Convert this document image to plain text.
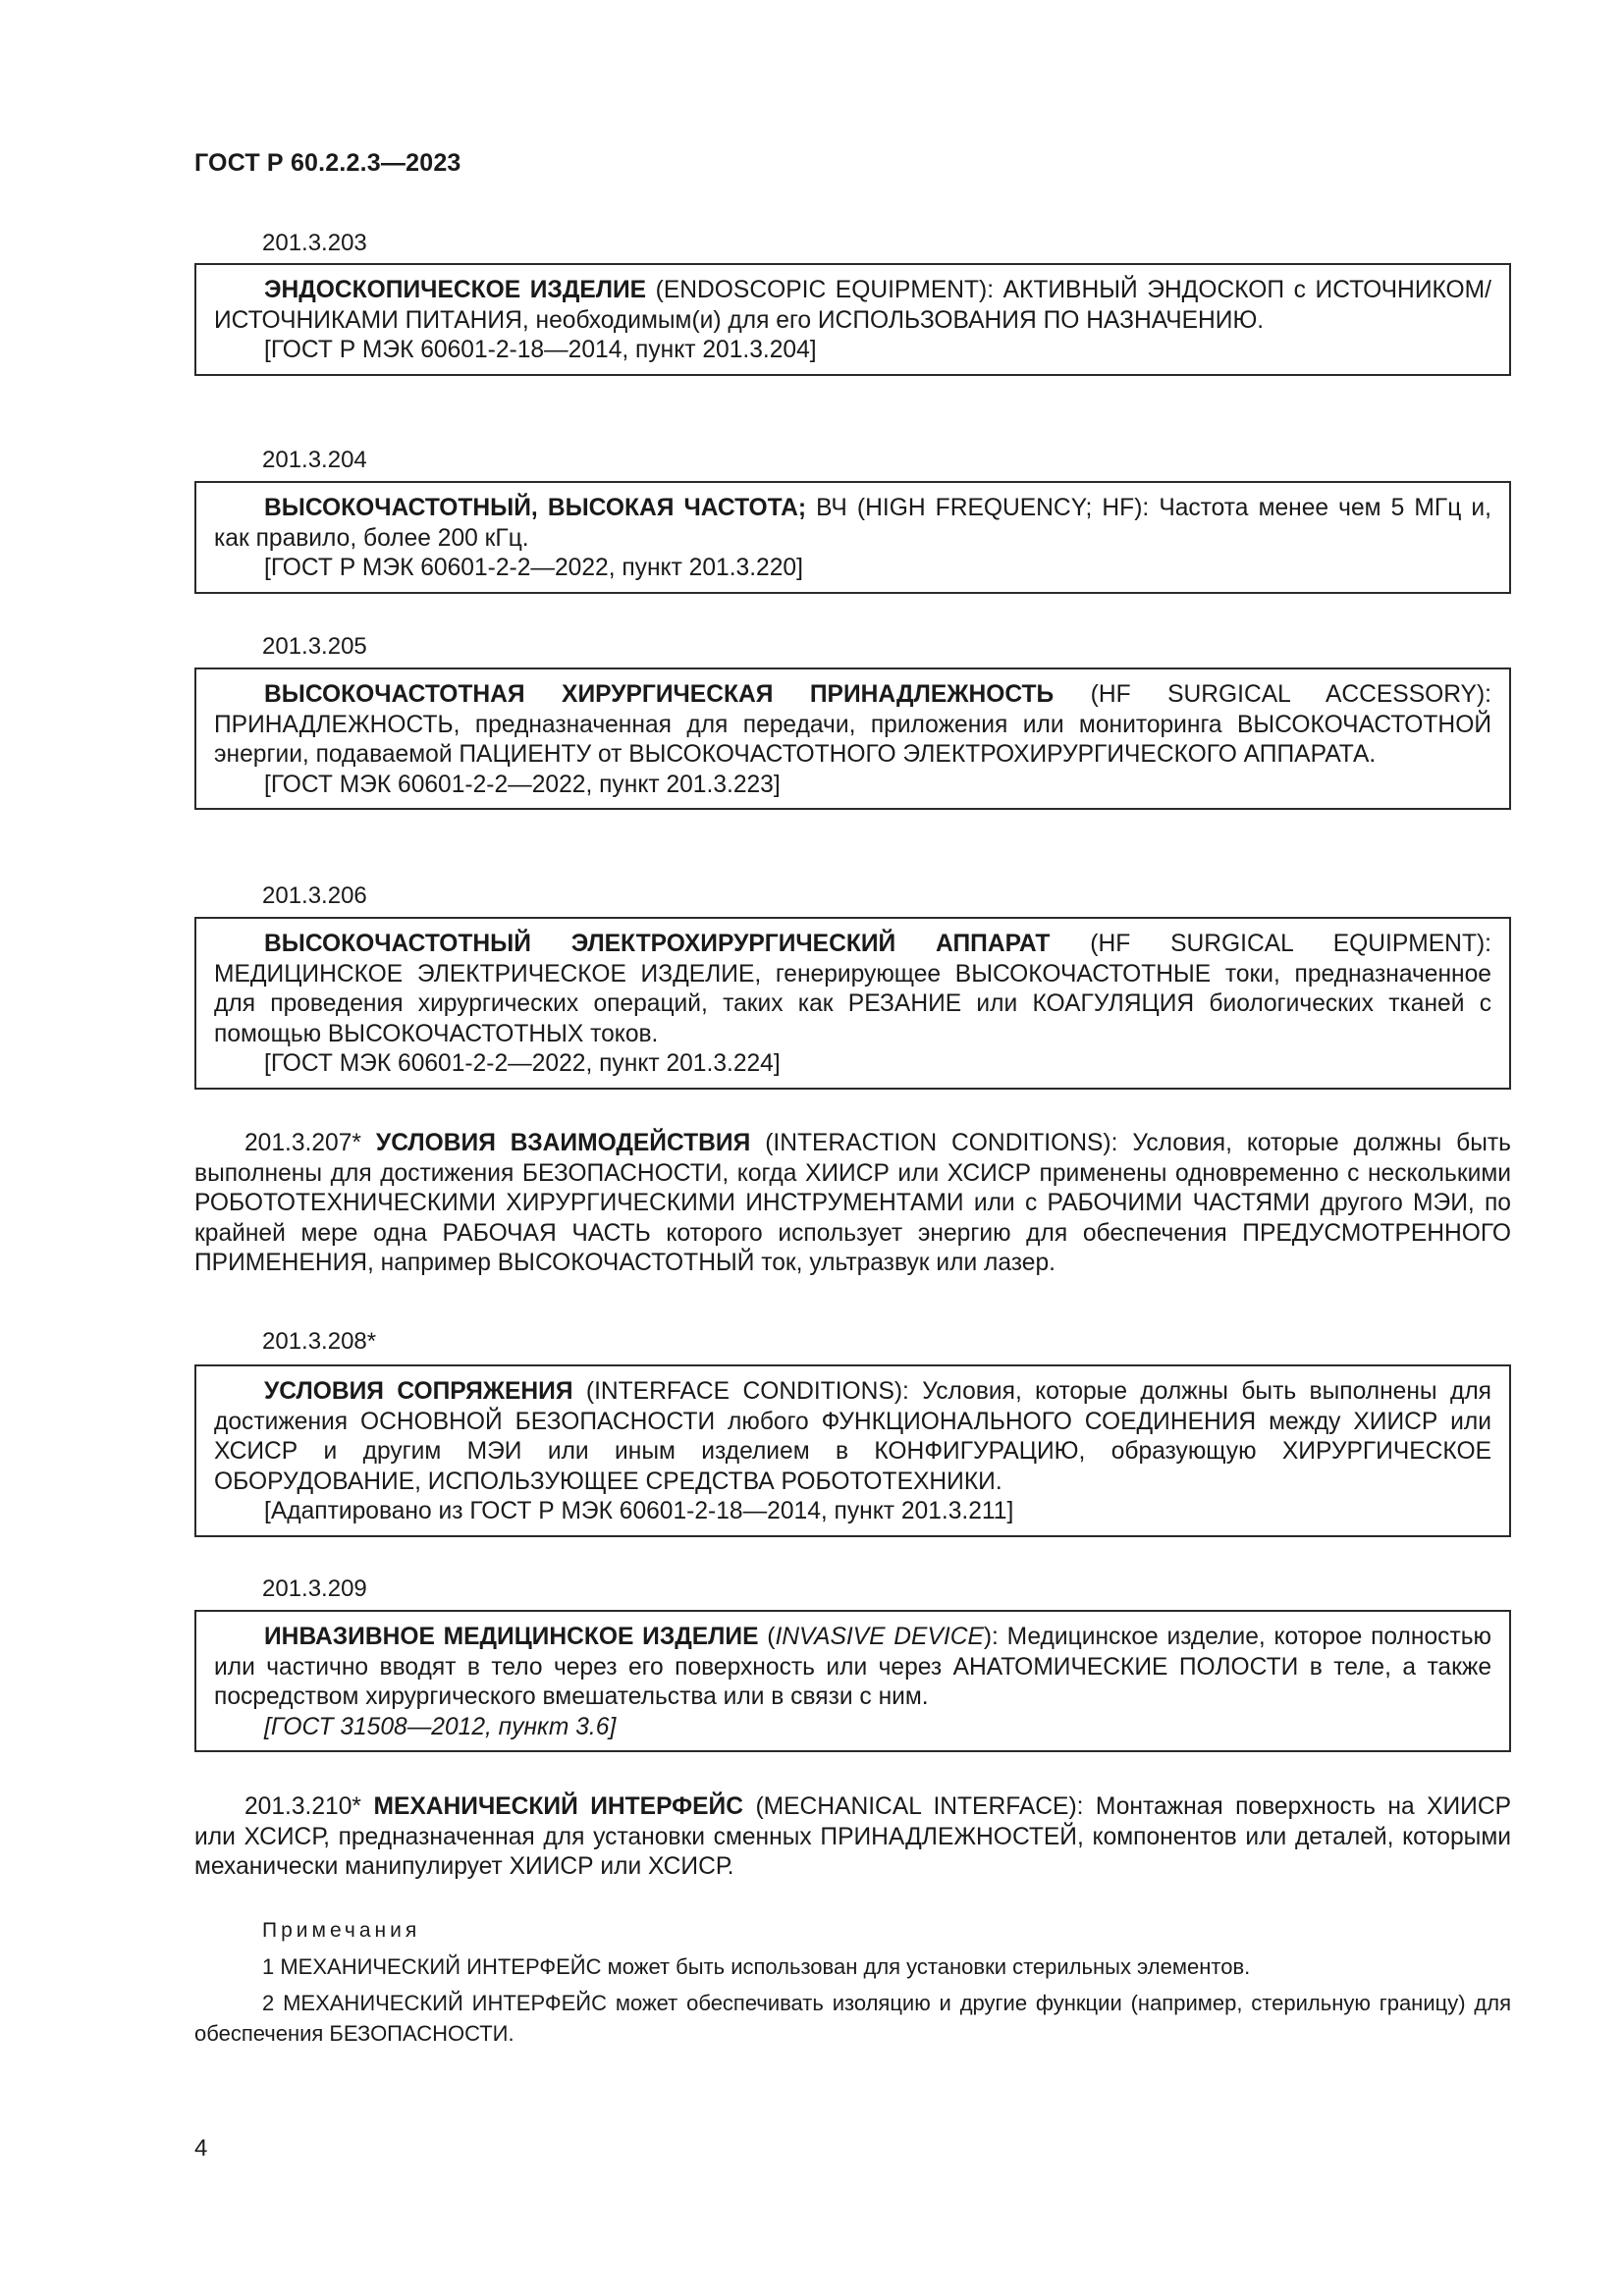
ГОСТ Р 60.2.2.3—2023
201.3.203

ЭНДОСКОПИЧЕСКОЕ ИЗДЕЛИЕ (ENDOSCOPIC EQUIPMENT): АКТИВНЫЙ ЭНДОСКОП с ИСТОЧНИКОМ/ИСТОЧНИКАМИ ПИТАНИЯ, необходимым(и) для его ИСПОЛЬЗОВАНИЯ ПО НАЗНАЧЕНИЮ.

[ГОСТ Р МЭК 60601-2-18—2014, пункт 201.3.204]

201.3.204

ВЫСОКОЧАСТОТНЫЙ, ВЫСОКАЯ ЧАСТОТА; ВЧ (HIGH FREQUENCY; HF): Частота менее чем 5 МГц и, как правило, более 200 кГц.

[ГОСТ Р МЭК 60601-2-2—2022, пункт 201.3.220]

201.3.205

ВЫСОКОЧАСТОТНАЯ ХИРУРГИЧЕСКАЯ ПРИНАДЛЕЖНОСТЬ (HF SURGICAL ACCESSORY): ПРИНАДЛЕЖНОСТЬ, предназначенная для передачи, приложения или мониторинга ВЫСОКОЧАСТОТНОЙ энергии, подаваемой ПАЦИЕНТУ от ВЫСОКОЧАСТОТНОГО ЭЛЕКТРОХИРУРГИЧЕСКОГО АППАРАТА.

[ГОСТ МЭК 60601-2-2—2022, пункт 201.3.223]

201.3.206

ВЫСОКОЧАСТОТНЫЙ ЭЛЕКТРОХИРУРГИЧЕСКИЙ АППАРАТ (HF SURGICAL EQUIPMENT): МЕДИЦИНСКОЕ ЭЛЕКТРИЧЕСКОЕ ИЗДЕЛИЕ, генерирующее ВЫСОКОЧАСТОТНЫЕ токи, предназначенное для проведения хирургических операций, таких как РЕЗАНИЕ или КОАГУЛЯЦИЯ биологических тканей с помощью ВЫСОКОЧАСТОТНЫХ токов.

[ГОСТ МЭК 60601-2-2—2022, пункт 201.3.224]

201.3.207* УСЛОВИЯ ВЗАИМОДЕЙСТВИЯ (INTERACTION CONDITIONS): Условия, которые должны быть выполнены для достижения БЕЗОПАСНОСТИ, когда ХИИСР или ХСИСР применены одновременно с несколькими РОБОТОТЕХНИЧЕСКИМИ ХИРУРГИЧЕСКИМИ ИНСТРУМЕНТАМИ или с РАБОЧИМИ ЧАСТЯМИ другого МЭИ, по крайней мере одна РАБОЧАЯ ЧАСТЬ которого использует энергию для обеспечения ПРЕДУСМОТРЕННОГО ПРИМЕНЕНИЯ, например ВЫСОКОЧАСТОТНЫЙ ток, ультразвук или лазер.

201.3.208*

УСЛОВИЯ СОПРЯЖЕНИЯ (INTERFACE CONDITIONS): Условия, которые должны быть выполнены для достижения ОСНОВНОЙ БЕЗОПАСНОСТИ любого ФУНКЦИОНАЛЬНОГО СОЕДИНЕНИЯ между ХИИСР или ХСИСР и другим МЭИ или иным изделием в КОНФИГУРАЦИЮ, образующую ХИРУРГИЧЕСКОЕ ОБОРУДОВАНИЕ, ИСПОЛЬЗУЮЩЕЕ СРЕДСТВА РОБОТОТЕХНИКИ.

[Адаптировано из ГОСТ Р МЭК 60601-2-18—2014, пункт 201.3.211]

201.3.209

ИНВАЗИВНОЕ МЕДИЦИНСКОЕ ИЗДЕЛИЕ (INVASIVE DEVICE): Медицинское изделие, которое полностью или частично вводят в тело через его поверхность или через АНАТОМИЧЕСКИЕ ПОЛОСТИ в теле, а также посредством хирургического вмешательства или в связи с ним.

[ГОСТ 31508—2012, пункт 3.6]

201.3.210* МЕХАНИЧЕСКИЙ ИНТЕРФЕЙС (MECHANICAL INTERFACE): Монтажная поверхность на ХИИСР или ХСИСР, предназначенная для установки сменных ПРИНАДЛЕЖНОСТЕЙ, компонентов или деталей, которыми механически манипулирует ХИИСР или ХСИСР.

Примечания

1 МЕХАНИЧЕСКИЙ ИНТЕРФЕЙС может быть использован для установки стерильных элементов.

2 МЕХАНИЧЕСКИЙ ИНТЕРФЕЙС может обеспечивать изоляцию и другие функции (например, стерильную границу) для обеспечения БЕЗОПАСНОСТИ.

4
